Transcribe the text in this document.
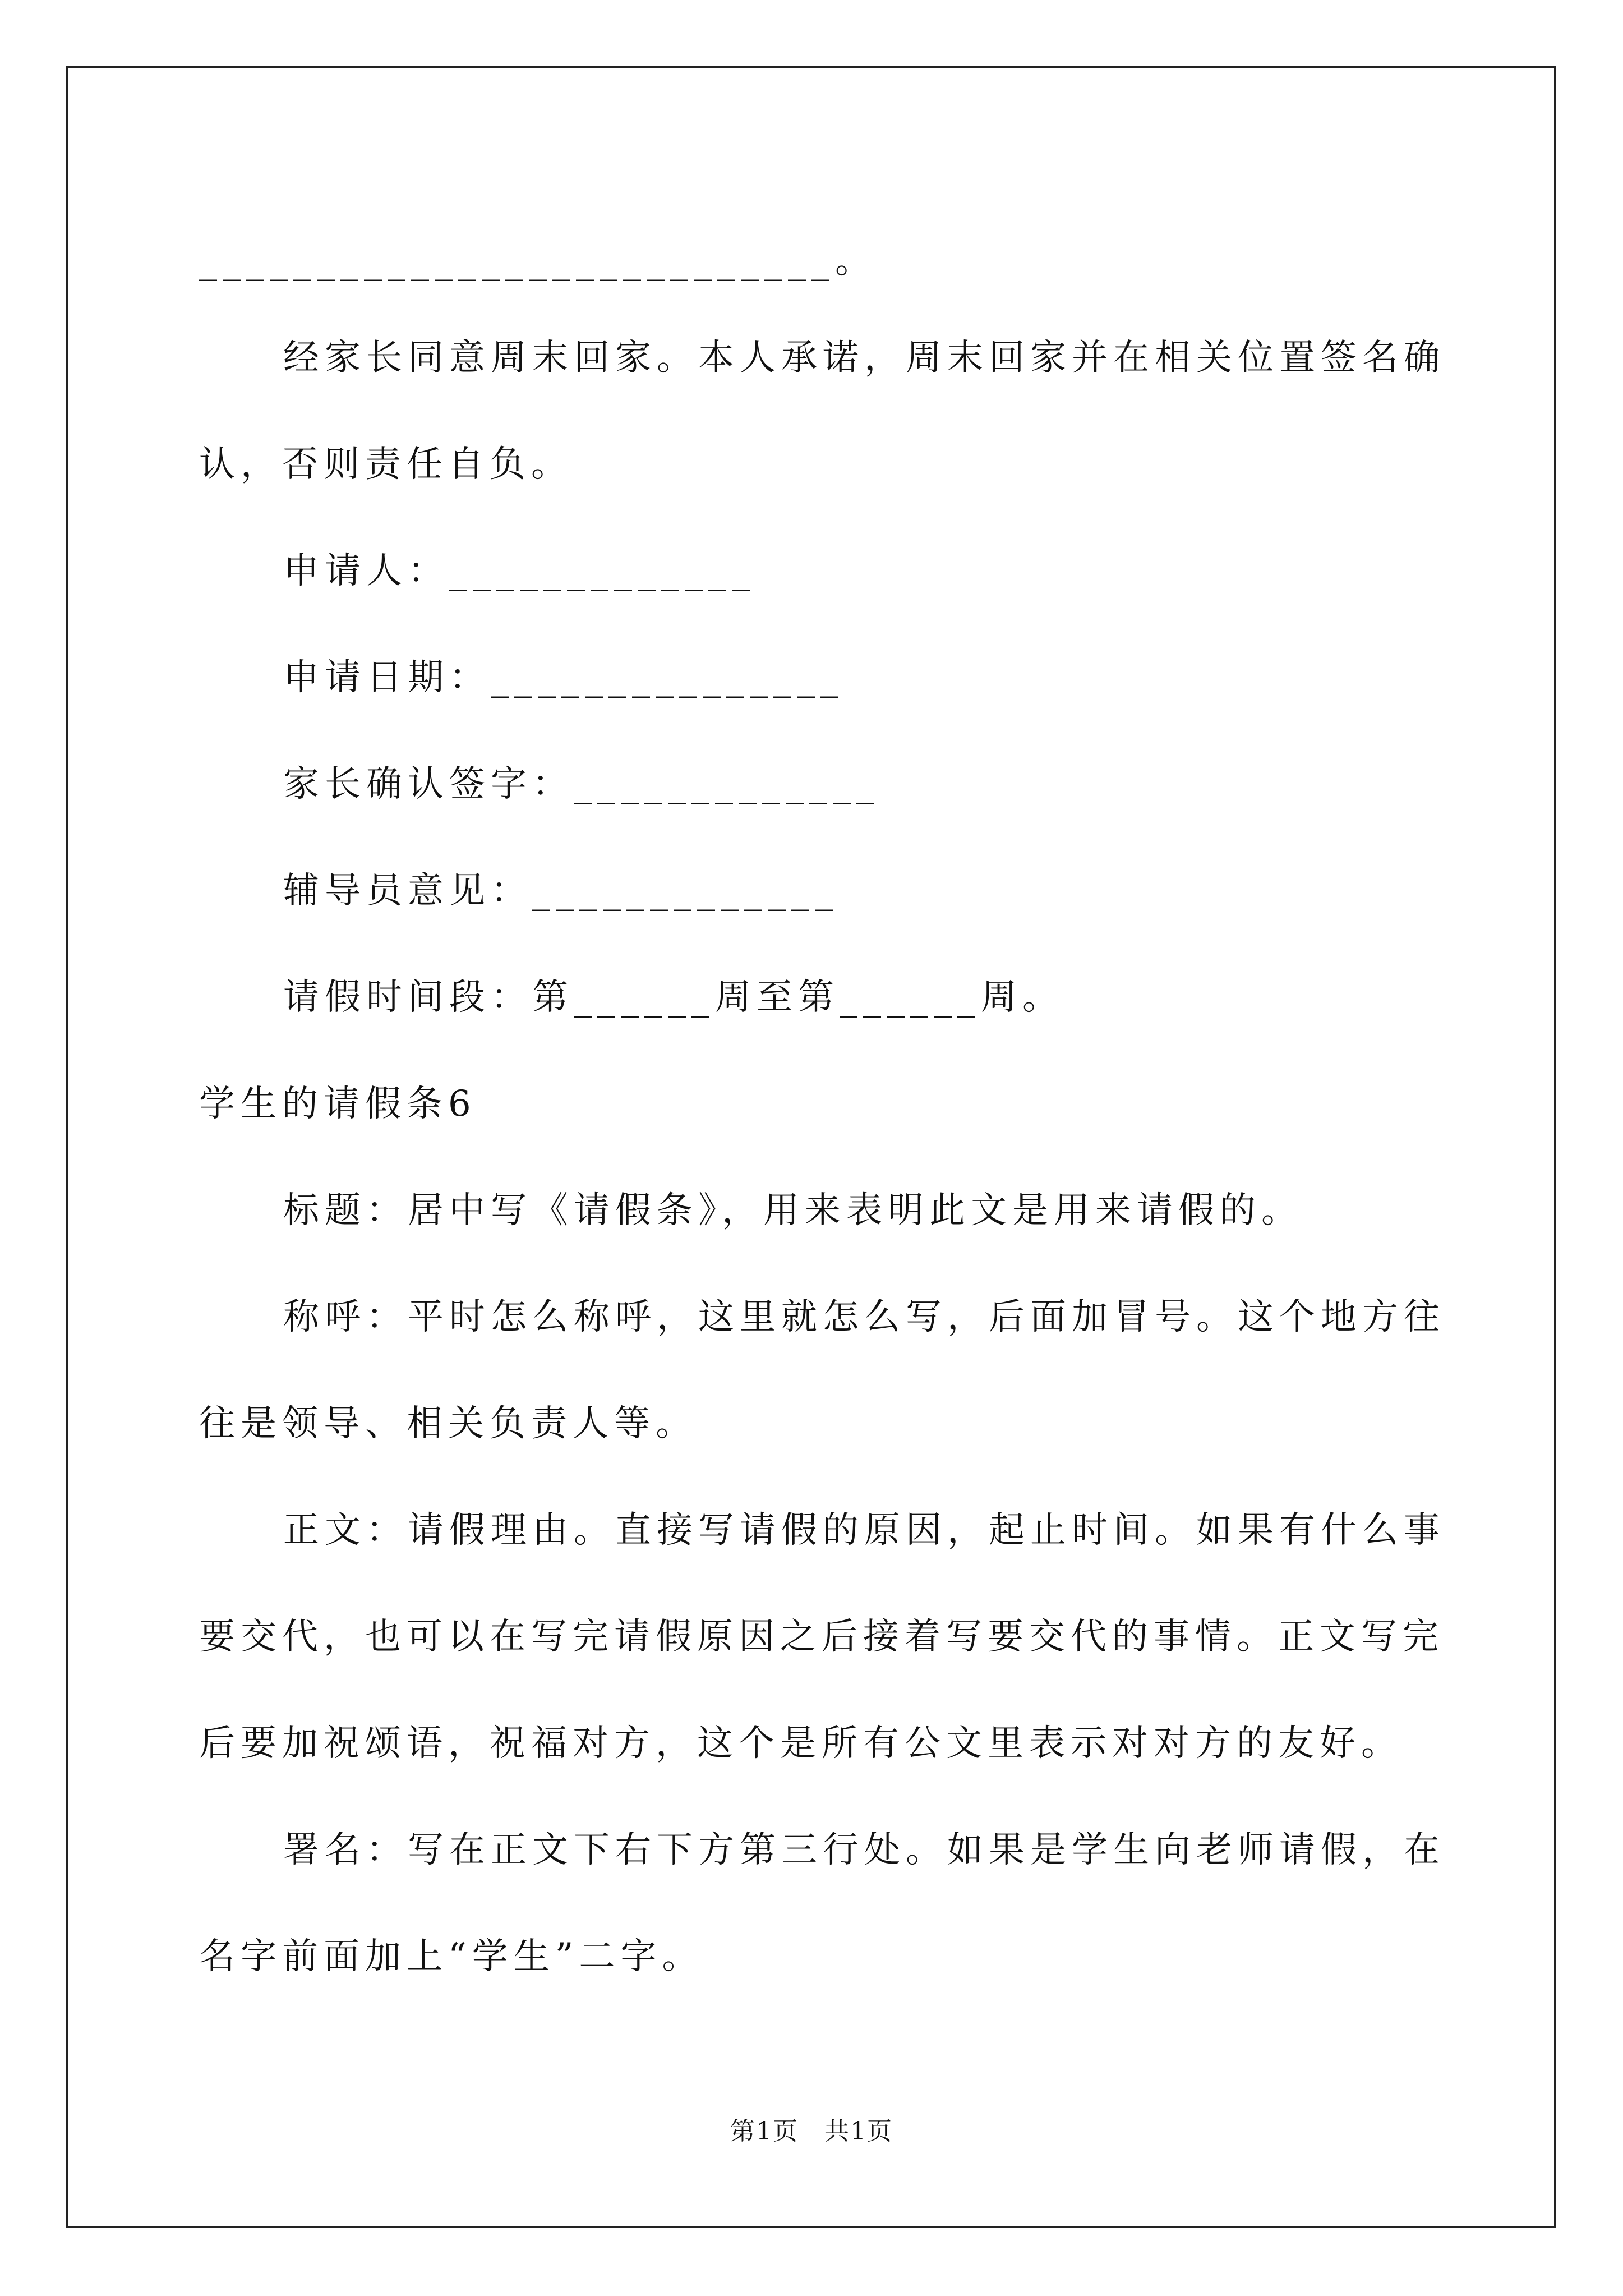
___________________________。
经家长同意周末回家。本人承诺，周末回家并在相关位置签名确
认，否则责任自负。
申请人：_____________
申请日期：_______________
家长确认签字：_____________
辅导员意见：_____________
请假时间段：第______周至第______周。
学生的请假条6
标题：居中写《请假条》，用来表明此文是用来请假的。
称呼：平时怎么称呼，这里就怎么写，后面加冒号。这个地方往
往是领导、相关负责人等。
正文：请假理由。直接写请假的原因，起止时间。如果有什么事
要交代，也可以在写完请假原因之后接着写要交代的事情。正文写完
后要加祝颂语，祝福对方，这个是所有公文里表示对对方的友好。
署名：写在正文下右下方第三行处。如果是学生向老师请假，在
名字前面加上“学生”二字。
第1页　共1页
